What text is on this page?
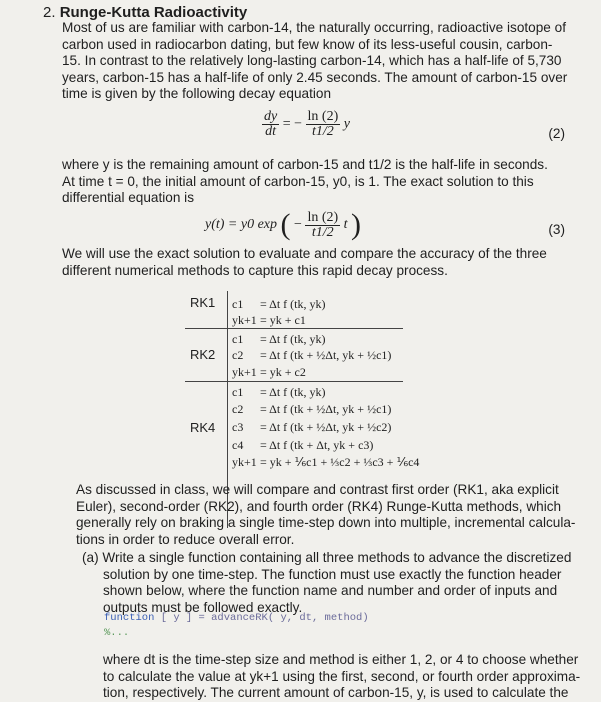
2. Runge-Kutta Radioactivity
Most of us are familiar with carbon-14, the naturally occurring, radioactive isotope of
carbon used in radiocarbon dating, but few know of its less-useful cousin, carbon-
15. In contrast to the relatively long-lasting carbon-14, which has a half-life of 5,730
years, carbon-15 has a half-life of only 2.45 seconds. The amount of carbon-15 over
time is given by the following decay equation
$\frac{dy}{dt}$ = − $\frac{\ln (2)}{t1/2}$ y
(2)
where y is the remaining amount of carbon-15 and t1/2 is the half-life in seconds.
At time t = 0, the initial amount of carbon-15, y0, is 1. The exact solution to this
differential equation is
y(t) = y0 exp ( − $\frac{\ln (2)}{t1/2}$ t )	(3)
We will use the exact solution to evaluate and compare the accuracy of the three
different numerical methods to capture this rapid decay process.
RK1
RK2
RK4
c1 = Δt f (tk, yk)
yk+1 = yk + c1
c1 = Δt f (tk, yk)
c2 = Δt f (tk + ½Δt, yk + ½c1)
yk+1 = yk + c2
c1 = Δt f (tk, yk)
c2 = Δt f (tk + ½Δt, yk + ½c1)
c3 = Δt f (tk + ½Δt, yk + ½c2)
c4 = Δt f (tk + Δt, yk + c3)
yk+1 = yk + ⅙c1 + ⅓c2 + ⅓c3 + ⅙c4
As discussed in class, we will compare and contrast first order (RK1, aka explicit
Euler), second-order (RK2), and fourth order (RK4) Runge-Kutta methods, which
generally rely on braking a single time-step down into multiple, incremental calcula-
tions in order to reduce overall error.
(a) Write a single function containing all three methods to advance the discretized
solution by one time-step. The function must use exactly the function header
shown below, where the function name and number and order of inputs and
outputs must be followed exactly.
function [ y ] = advanceRK( y, dt, method)
%...
where dt is the time-step size and method is either 1, 2, or 4 to choose whether
to calculate the value at yk+1 using the first, second, or fourth order approxima-
tion, respectively. The current amount of carbon-15, y, is used to calculate the
